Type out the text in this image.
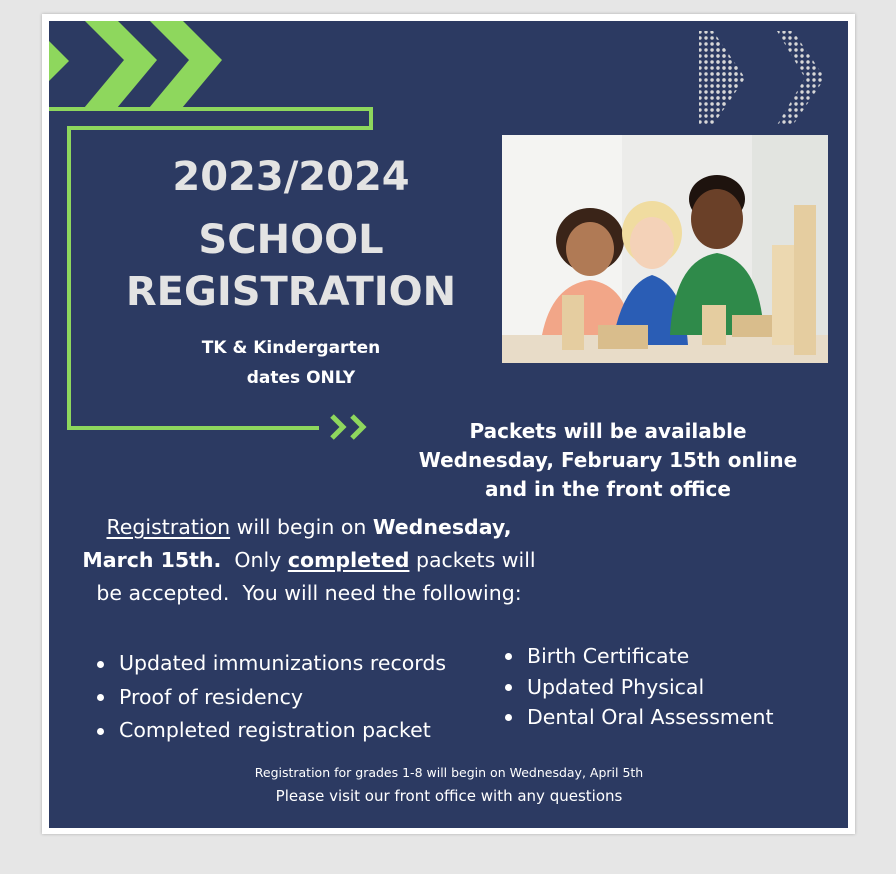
2023/2024
SCHOOL
REGISTRATION
TK & Kindergarten
dates ONLY
Packets will be available
Wednesday, February 15th online
and in the front office
Registration will begin on Wednesday,
March 15th.  Only completed packets will
be accepted.  You will need the following:
Updated immunizations records
Proof of residency
Completed registration packet
Birth Certificate
Updated Physical
Dental Oral Assessment
Registration for grades 1-8 will begin on Wednesday, April 5th
Please visit our front office with any questions
